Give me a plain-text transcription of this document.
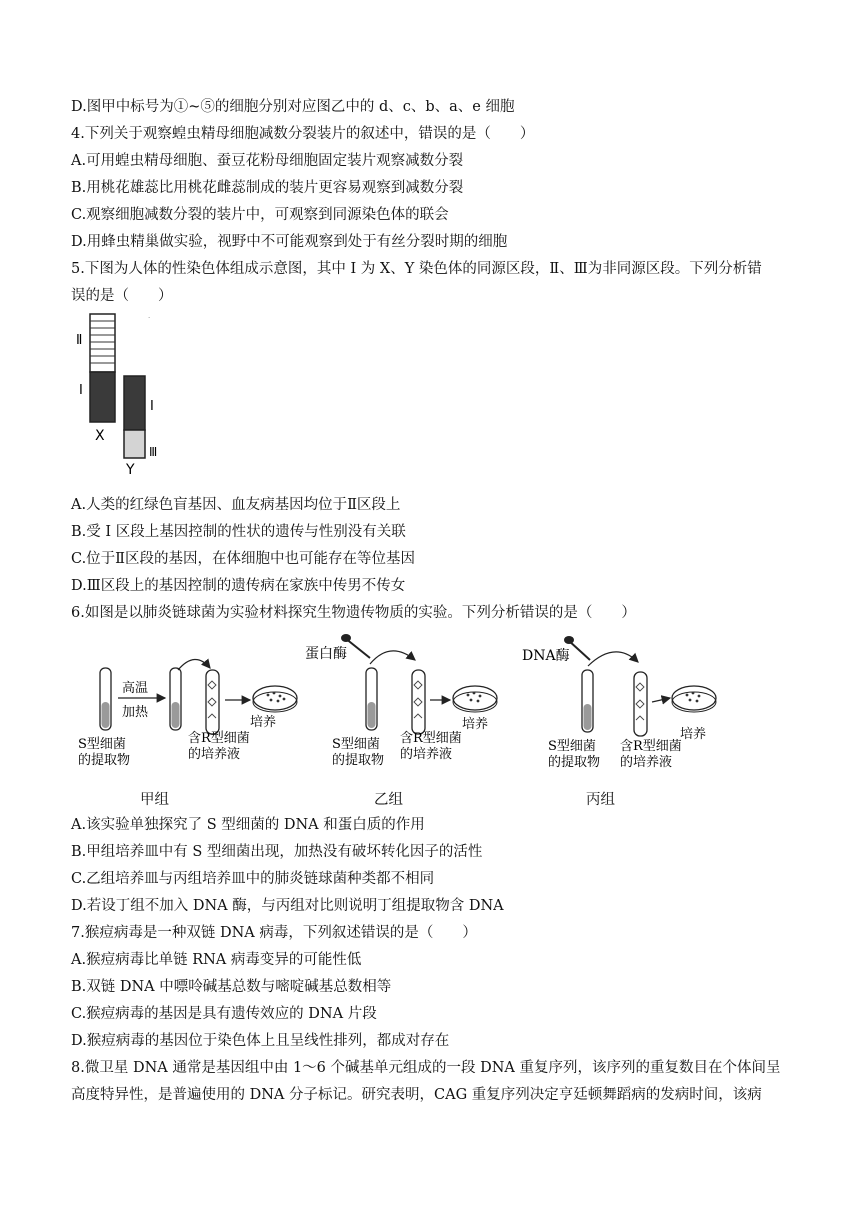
D.图甲中标号为①~⑤的细胞分别对应图乙中的 d、c、b、a、e 细胞
4.下列关于观察蝗虫精母细胞减数分裂装片的叙述中，错误的是（　　）
A.可用蝗虫精母细胞、蚕豆花粉母细胞固定装片观察减数分裂
B.用桃花雄蕊比用桃花雌蕊制成的装片更容易观察到减数分裂
C.观察细胞减数分裂的装片中，可观察到同源染色体的联会
D.用蜂虫精巢做实验，视野中不可能观察到处于有丝分裂时期的细胞
5.下图为人体的性染色体组成示意图，其中 I 为 X、Y 染色体的同源区段，Ⅱ、Ⅲ为非同源区段。下列分析错
误的是（　　）
·
Ⅱ
I
I
Ⅲ
X
Y
A.人类的红绿色盲基因、血友病基因均位于Ⅱ区段上
B.受 I 区段上基因控制的性状的遗传与性别没有关联
C.位于Ⅱ区段的基因，在体细胞中也可能存在等位基因
D.Ⅲ区段上的基因控制的遗传病在家族中传男不传女
6.如图是以肺炎链球菌为实验材料探究生物遗传物质的实验。下列分析错误的是（　　）
高温
加热
培养
S型细菌
的提取物
含R型细菌
的培养液
蛋白酶
培养
S型细菌
的提取物
含R型细菌
的培养液
DNA酶
培养
S型细菌
的提取物
含R型细菌
的培养液
甲组	乙组	丙组
A.该实验单独探究了 S 型细菌的 DNA 和蛋白质的作用
B.甲组培养皿中有 S 型细菌出现，加热没有破坏转化因子的活性
C.乙组培养皿与丙组培养皿中的肺炎链球菌种类都不相同
D.若设丁组不加入 DNA 酶，与丙组对比则说明丁组提取物含 DNA
7.猴痘病毒是一种双链 DNA 病毒，下列叙述错误的是（　　）
A.猴痘病毒比单链 RNA 病毒变异的可能性低
B.双链 DNA 中嘌呤碱基总数与嘧啶碱基总数相等
C.猴痘病毒的基因是具有遗传效应的 DNA 片段
D.猴痘病毒的基因位于染色体上且呈线性排列，都成对存在
8.微卫星 DNA 通常是基因组中由 1～6 个碱基单元组成的一段 DNA 重复序列，该序列的重复数目在个体间呈
高度特异性，是普遍使用的 DNA 分子标记。研究表明，CAG 重复序列决定亨廷顿舞蹈病的发病时间，该病
